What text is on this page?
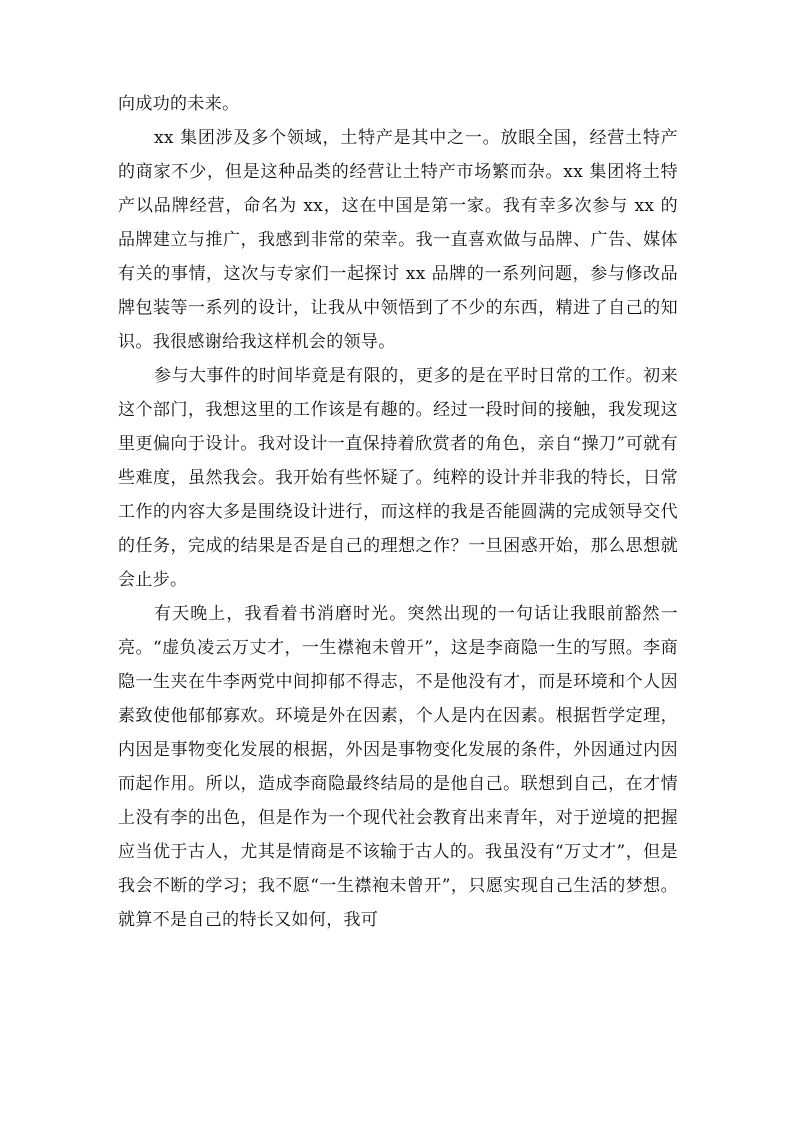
向成功的未来。

xx 集团涉及多个领域，土特产是其中之一。放眼全国，经营土特产的商家不少，但是这种品类的经营让土特产市场繁而杂。xx 集团将土特产以品牌经营，命名为 xx，这在中国是第一家。我有幸多次参与 xx 的品牌建立与推广，我感到非常的荣幸。我一直喜欢做与品牌、广告、媒体有关的事情，这次与专家们一起探讨 xx 品牌的一系列问题，参与修改品牌包装等一系列的设计，让我从中领悟到了不少的东西，精进了自己的知识。我很感谢给我这样机会的领导。

参与大事件的时间毕竟是有限的，更多的是在平时日常的工作。初来这个部门，我想这里的工作该是有趣的。经过一段时间的接触，我发现这里更偏向于设计。我对设计一直保持着欣赏者的角色，亲自“操刀”可就有些难度，虽然我会。我开始有些怀疑了。纯粹的设计并非我的特长，日常工作的内容大多是围绕设计进行，而这样的我是否能圆满的完成领导交代的任务，完成的结果是否是自己的理想之作？一旦困惑开始，那么思想就会止步。

有天晚上，我看着书消磨时光。突然出现的一句话让我眼前豁然一亮。“虚负凌云万丈才，一生襟袍未曾开”，这是李商隐一生的写照。李商隐一生夹在牛李两党中间抑郁不得志，不是他没有才，而是环境和个人因素致使他郁郁寡欢。环境是外在因素，个人是内在因素。根据哲学定理，内因是事物变化发展的根据，外因是事物变化发展的条件，外因通过内因而起作用。所以，造成李商隐最终结局的是他自己。联想到自己，在才情上没有李的出色，但是作为一个现代社会教育出来青年，对于逆境的把握应当优于古人，尤其是情商是不该输于古人的。我虽没有“万丈才”，但是我会不断的学习；我不愿“一生襟袍未曾开”，只愿实现自己生活的梦想。就算不是自己的特长又如何，我可
